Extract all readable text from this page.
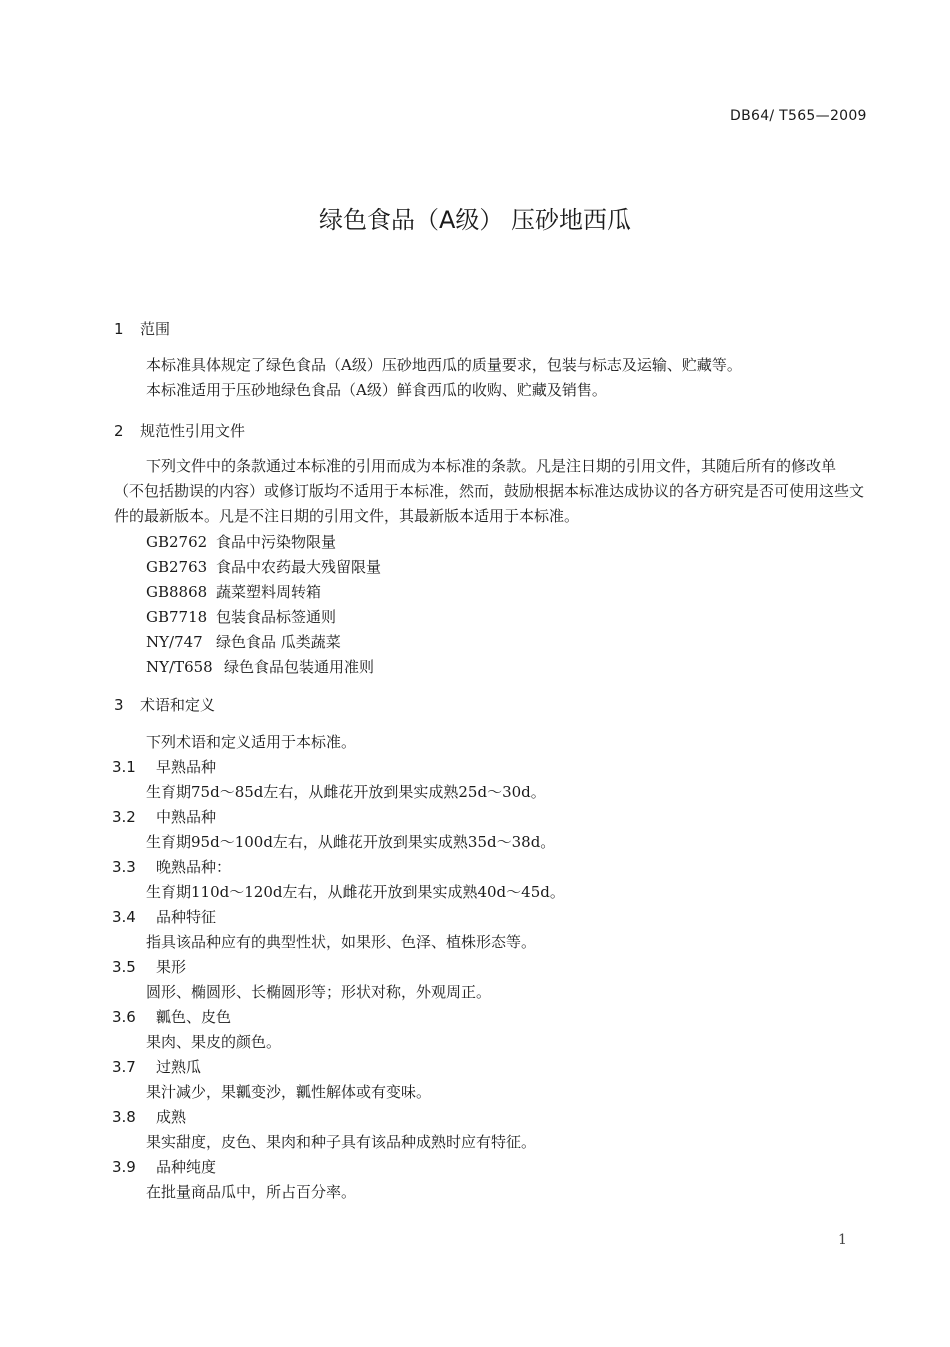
DB64/ T565—2009
绿色食品（A级） 压砂地西瓜
1 范围
本标准具体规定了绿色食品（A级）压砂地西瓜的质量要求，包装与标志及运输、贮藏等。
本标准适用于压砂地绿色食品（A级）鲜食西瓜的收购、贮藏及销售。
2 规范性引用文件
下列文件中的条款通过本标准的引用而成为本标准的条款。凡是注日期的引用文件，其随后所有的修改单（不包括勘误的内容）或修订版均不适用于本标准，然而，鼓励根据本标准达成协议的各方研究是否可使用这些文件的最新版本。凡是不注日期的引用文件，其最新版本适用于本标准。
GB2762 食品中污染物限量
GB2763 食品中农药最大残留限量
GB8868 蔬菜塑料周转箱
GB7718 包装食品标签通则
NY/747 绿色食品 瓜类蔬菜
NY/T658 绿色食品包装通用准则
3 术语和定义
下列术语和定义适用于本标准。
3.1 早熟品种
生育期75d～85d左右，从雌花开放到果实成熟25d～30d。
3.2 中熟品种
生育期95d～100d左右，从雌花开放到果实成熟35d～38d。
3.3 晚熟品种：
生育期110d～120d左右，从雌花开放到果实成熟40d～45d。
3.4 品种特征
指具该品种应有的典型性状，如果形、色泽、植株形态等。
3.5 果形
圆形、椭圆形、长椭圆形等；形状对称，外观周正。
3.6 瓤色、皮色
果肉、果皮的颜色。
3.7 过熟瓜
果汁减少，果瓤变沙，瓤性解体或有变味。
3.8 成熟
果实甜度，皮色、果肉和种子具有该品种成熟时应有特征。
3.9 品种纯度
在批量商品瓜中，所占百分率。
1
